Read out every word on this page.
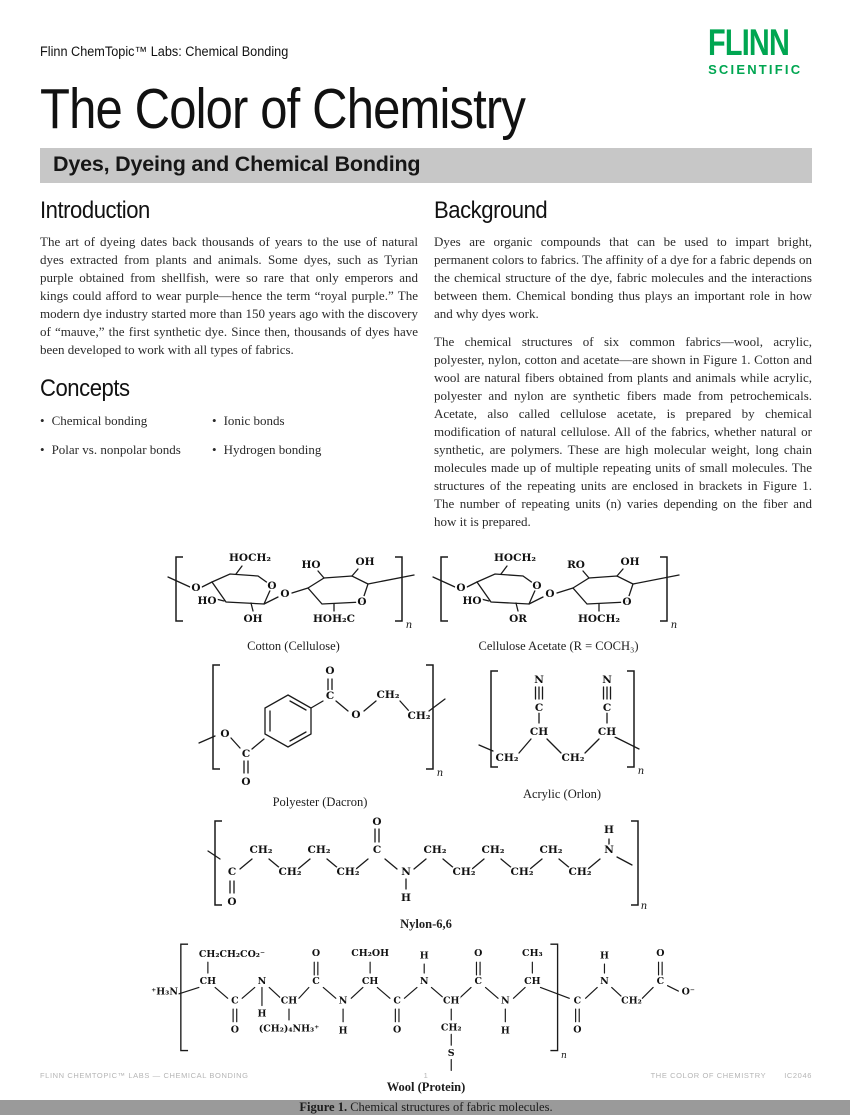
Flinn ChemTopic™ Labs: Chemical Bonding	FLINN
SCIENTIFIC
The Color of Chemistry
Dyes, Dyeing and Chemical Bonding
Introduction

The art of dyeing dates back thousands of years to the use of natural dyes extracted from plants and animals. Some dyes, such as Tyrian purple obtained from shellfish, were so rare that only emperors and kings could afford to wear purple—hence the term “royal purple.” The modern dye industry started more than 150 years ago with the discovery of “mauve,” the first synthetic dye. Since then, thousands of dyes have been developed to work with all types of fabrics.

Concepts
• Chemical bonding	• Ionic bonds
• Polar vs. nonpolar bonds	• Hydrogen bonding
Background

Dyes are organic compounds that can be used to impart bright, permanent colors to fabrics. The affinity of a dye for a fabric depends on the chemical structure of the dye, fabric molecules and the interactions between them. Chemical bonding thus plays an important role in how and why dyes work.

The chemical structures of six common fabrics—wool, acrylic, polyester, nylon, cotton and acetate—are shown in Figure 1. Cotton and wool are natural fibers obtained from plants and animals while acrylic, polyester and nylon are synthetic fibers made from petrochemicals. Acetate, also called cellulose acetate, is prepared by chemical modification of natural cellulose. All of the fabrics, whether natural or synthetic, are polymers. These are high molecular weight, long chain molecules made up of multiple repeating units of small molecules. The structures of the repeating units are enclosed in brackets in Figure 1. The number of repeating units (n) varies depending on the fiber and how it is prepared.

O
HOCH₂
O
HO
OH
O
HO	OH
O
HOH₂C
n
Cotton (Cellulose)
O
HOCH₂
O
HO
OR
O
RO	OH
O
HOCH₂
n
Cellulose Acetate (R = COCH₃)
O
C
O
C
O
O
CH₂
CH₂
n
Polyester (Dacron)
N
C
CH
N
C
CH
CH₂	CH₂
n
Acrylic (Orlon)
C
O
CH₂
CH₂
CH₂
CH₂
C
O
N
H
CH₂
CH₂
CH₂
CH₂
CH₂
CH₂
N
H
n
Nylon-6,6
⁺H₃N
CH
CH₂CH₂CO₂⁻
C
O
N
H
CH
(CH₂)₄NH₃⁺
C
O
N
H
CH
CH₂OH
C
O
N
H
CH
CH₂
S
C
O
N
H
CH
CH₃
C
O
N
H
CH₂
C
O
O⁻
n
Wool (Protein)
Figure 1. Chemical structures of fabric molecules.
FLINN CHEMTOPIC™ LABS — CHEMICAL BONDING	1	THE COLOR OF CHEMISTRY IC2046
